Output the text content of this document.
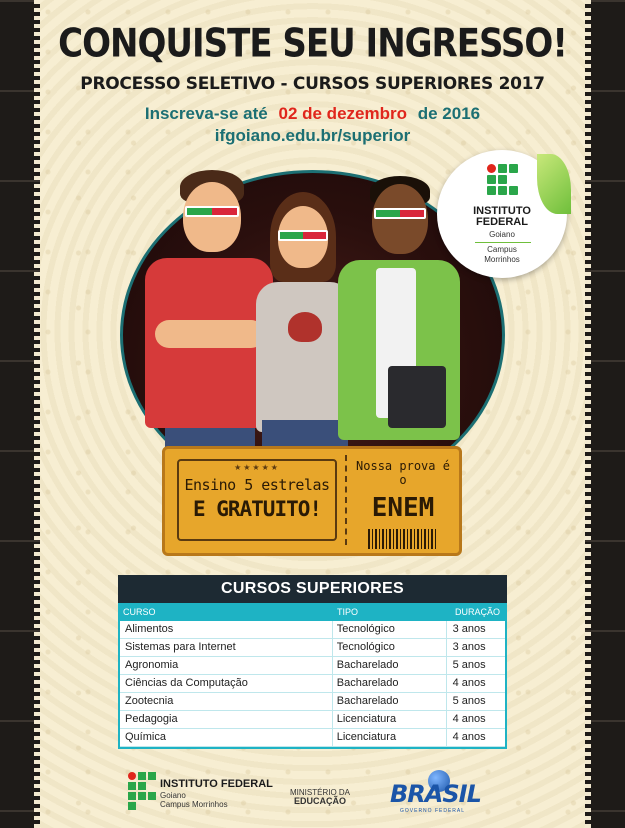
CONQUISTE SEU INGRESSO!
PROCESSO SELETIVO - CURSOS SUPERIORES 2017
Inscreva-se até 02 de dezembro de 2016
ifgoiano.edu.br/superior
INSTITUTO
FEDERAL
Goiano
Campus
Morrinhos
★★★★★
Ensino 5 estrelas
E GRATUITO!
Nossa prova é o
ENEM
CURSOS SUPERIORES
CURSO	TIPO	DURAÇÃO
Alimentos	Tecnológico	3 anos
Sistemas para Internet	Tecnológico	3 anos
Agronomia	Bacharelado	5 anos
Ciências da Computação	Bacharelado	4 anos
Zootecnia	Bacharelado	5 anos
Pedagogia	Licenciatura	4 anos
Química	Licenciatura	4 anos
INSTITUTO FEDERAL
Goiano
Campus Morrinhos
MINISTÉRIO DA
EDUCAÇÃO BRASIL
GOVERNO FEDERAL
